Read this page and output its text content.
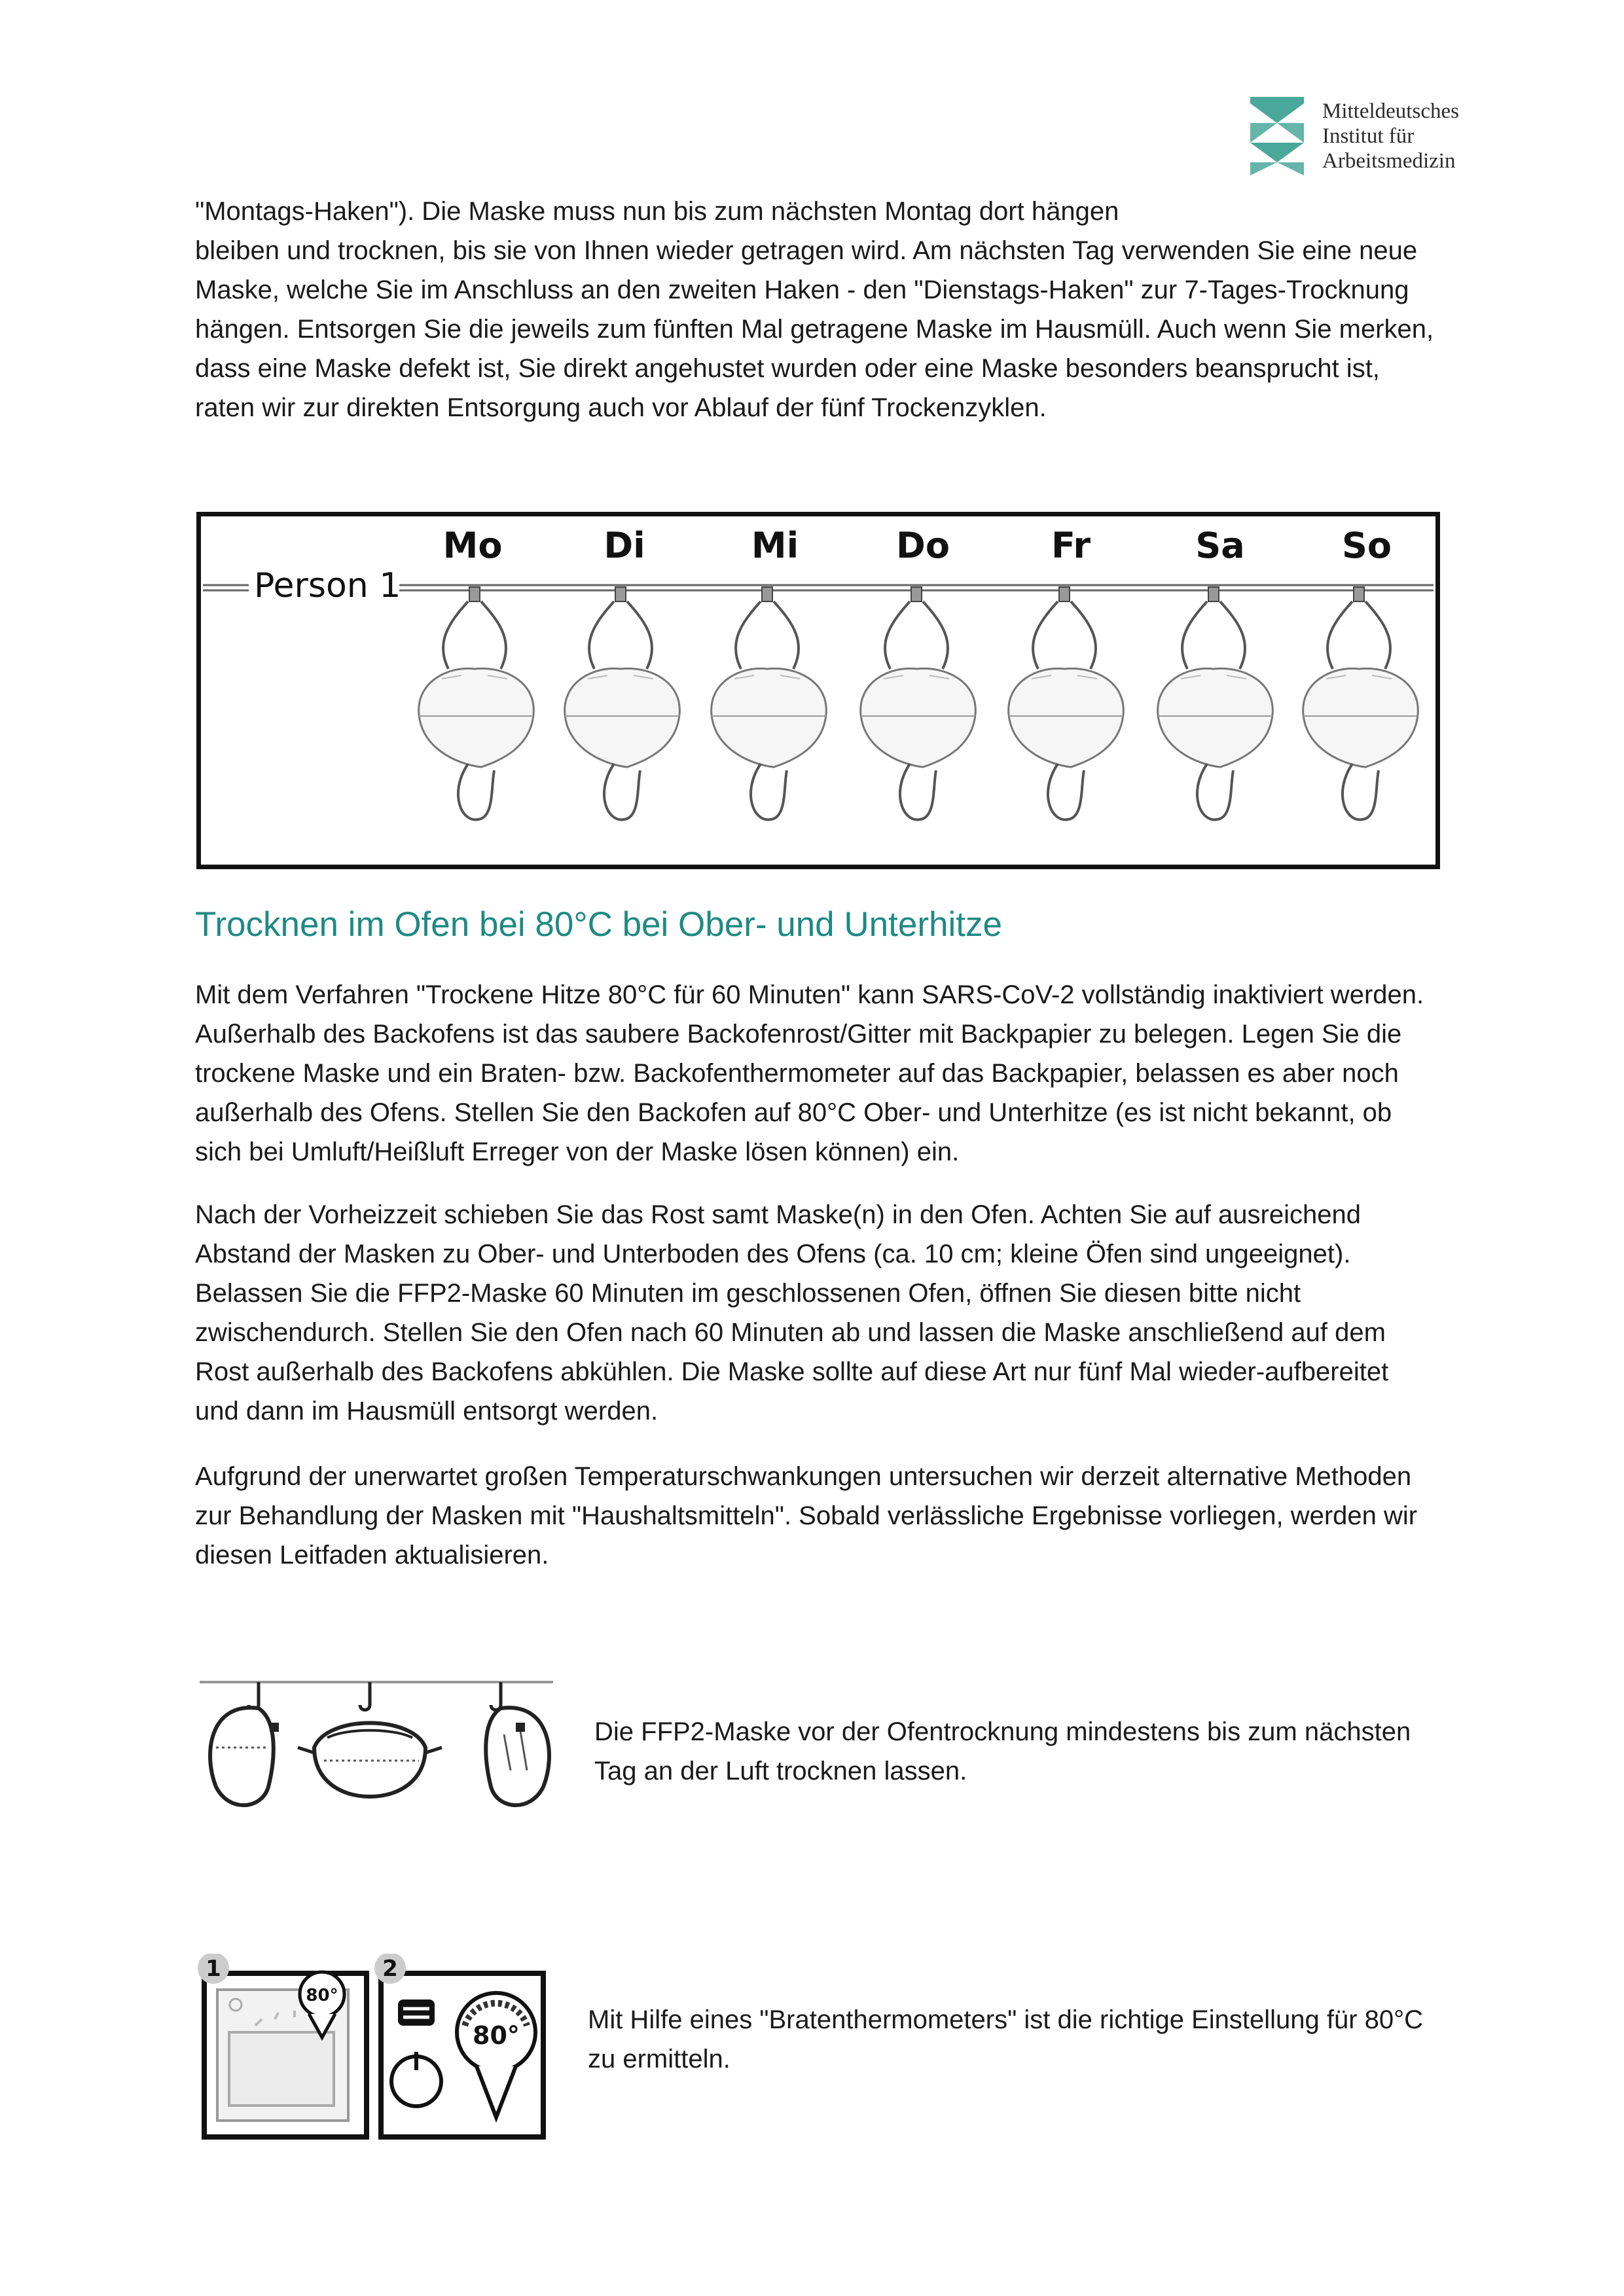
Mitteldeutsches
Institut für
Arbeitsmedizin

"Montags-Haken"). Die Maske muss nun bis zum nächsten Montag dort hängen
bleiben und trocknen, bis sie von Ihnen wieder getragen wird. Am nächsten Tag verwenden Sie eine neue Maske, welche Sie im Anschluss an den zweiten Haken - den "Dienstags-Haken" zur 7-Tages-Trocknung hängen. Entsorgen Sie die jeweils zum fünften Mal getragene Maske im Hausmüll. Auch wenn Sie merken, dass eine Maske defekt ist, Sie direkt angehustet wurden oder eine Maske besonders beansprucht ist, raten wir zur direkten Entsorgung auch vor Ablauf der fünf Trockenzyklen.

Person 1
Mo	Di	Mi	Do	Fr	Sa	So
Trocknen im Ofen bei 80°C bei Ober- und Unterhitze

Mit dem Verfahren "Trockene Hitze 80°C für 60 Minuten" kann SARS-CoV-2 vollständig inaktiviert werden. Außerhalb des Backofens ist das saubere Backofenrost/Gitter mit Backpapier zu belegen. Legen Sie die trockene Maske und ein Braten- bzw. Backofenthermometer auf das Backpapier, belassen es aber noch außerhalb des Ofens. Stellen Sie den Backofen auf 80°C Ober- und Unterhitze (es ist nicht bekannt, ob sich bei Umluft/Heißluft Erreger von der Maske lösen können) ein.

Nach der Vorheizzeit schieben Sie das Rost samt Maske(n) in den Ofen. Achten Sie auf ausreichend Abstand der Masken zu Ober- und Unterboden des Ofens (ca. 10 cm; kleine Öfen sind ungeeignet). Belassen Sie die FFP2-Maske 60 Minuten im geschlossenen Ofen, öffnen Sie diesen bitte nicht zwischendurch. Stellen Sie den Ofen nach 60 Minuten ab und lassen die Maske anschließend auf dem Rost außerhalb des Backofens abkühlen. Die Maske sollte auf diese Art nur fünf Mal wieder-aufbereitet und dann im Hausmüll entsorgt werden.

Aufgrund der unerwartet großen Temperaturschwankungen untersuchen wir derzeit alternative Methoden zur Behandlung der Masken mit "Haushaltsmitteln". Sobald verlässliche Ergebnisse vorliegen, werden wir diesen Leitfaden aktualisieren.

Die FFP2-Maske vor der Ofentrocknung mindestens bis zum nächsten Tag an der Luft trocknen lassen.

80°
1
80°
2

Mit Hilfe eines "Bratenthermometers" ist die richtige Einstellung für 80°C zu ermitteln.
